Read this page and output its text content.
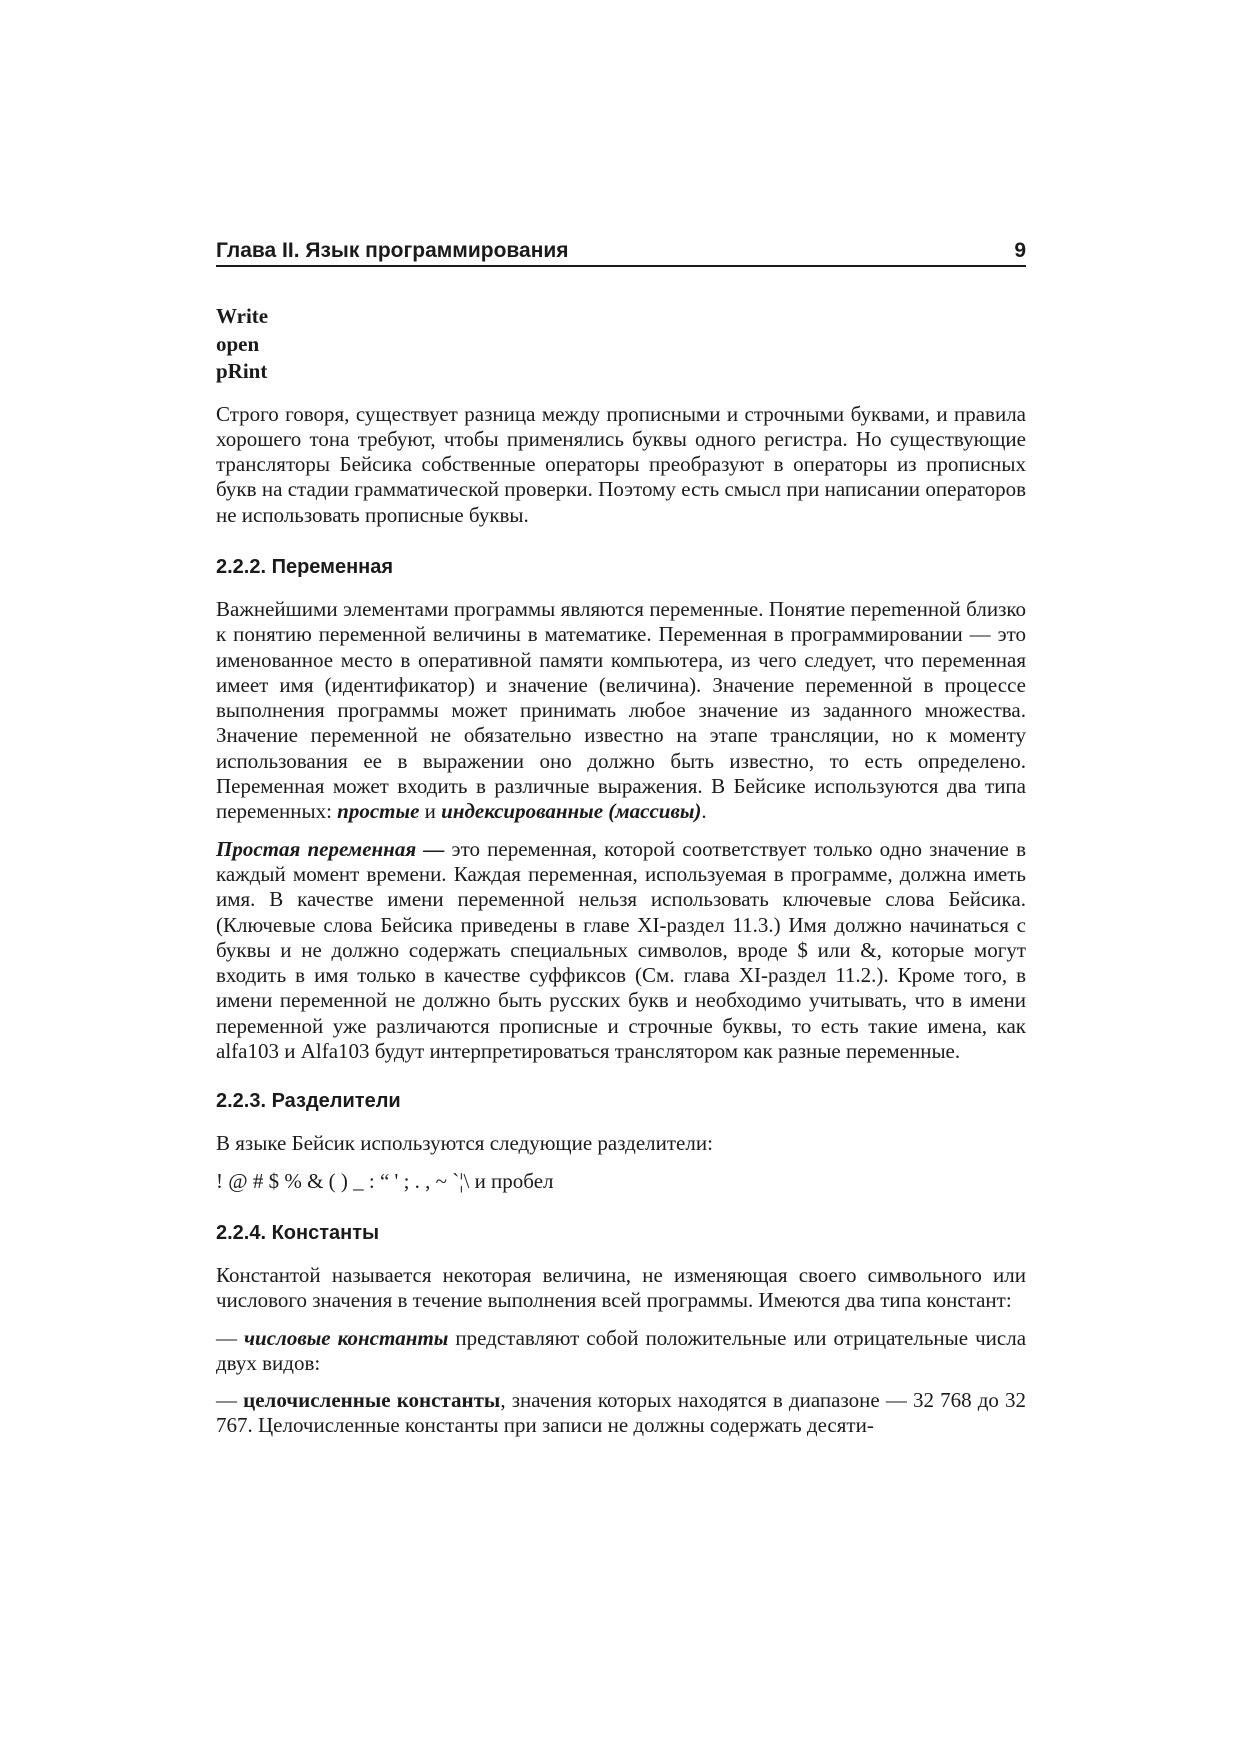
Глава II. Язык программирования	9
Write
open
pRint

Строго говоря, существует разница между прописными и строчными буквами, и правила хорошего тона требуют, чтобы применялись буквы одного регистра. Но существующие трансляторы Бейсика собственные операторы преобразуют в операторы из прописных букв на стадии грамматической проверки. Поэтому есть смысл при написании операторов не использовать прописные буквы.

2.2.2. Переменная

Важнейшими элементами программы являются переменные. Понятие переmенной близко к понятию переменной величины в математике. Переменная в программировании — это именованное место в оперативной памяти компьютера, из чего следует, что переменная имеет имя (идентификатор) и значение (величина). Значение переменной в процессе выполнения программы может принимать любое значение из заданного множества. Значение переменной не обязательно известно на этапе трансляции, но к моменту использования ее в выражении оно должно быть известно, то есть определено. Переменная может входить в различные выражения. В Бейсике используются два типа переменных: простые и индексированные (массивы).

Простая переменная — это переменная, которой соответствует только одно значение в каждый момент времени. Каждая переменная, используемая в программе, должна иметь имя. В качестве имени переменной нельзя использовать ключевые слова Бейсика. (Ключевые слова Бейсика приведены в главе XI-раздел 11.3.) Имя должно начинаться с буквы и не должно содержать специальных символов, вроде $ или &, которые могут входить в имя только в качестве суффиксов (См. глава XI-раздел 11.2.). Кроме того, в имени переменной не должно быть русских букв и необходимо учитывать, что в имени переменной уже различаются прописные и строчные буквы, то есть такие имена, как alfa103 и Alfa103 будут интерпретироваться транслятором как разные переменные.

2.2.3. Разделители

В языке Бейсик используются следующие разделители:

! @ # $ % & ( ) _ : “ ' ; . , ~ `¦\ и пробел

2.2.4. Константы

Константой называется некоторая величина, не изменяющая своего символьного или числового значения в течение выполнения всей программы. Имеются два типа констант:

— числовые константы представляют собой положительные или отрицательные числа двух видов:

— целочисленные константы, значения которых находятся в диапазоне — 32 768 до 32 767. Целочисленные константы при записи не должны содержать десяти-
